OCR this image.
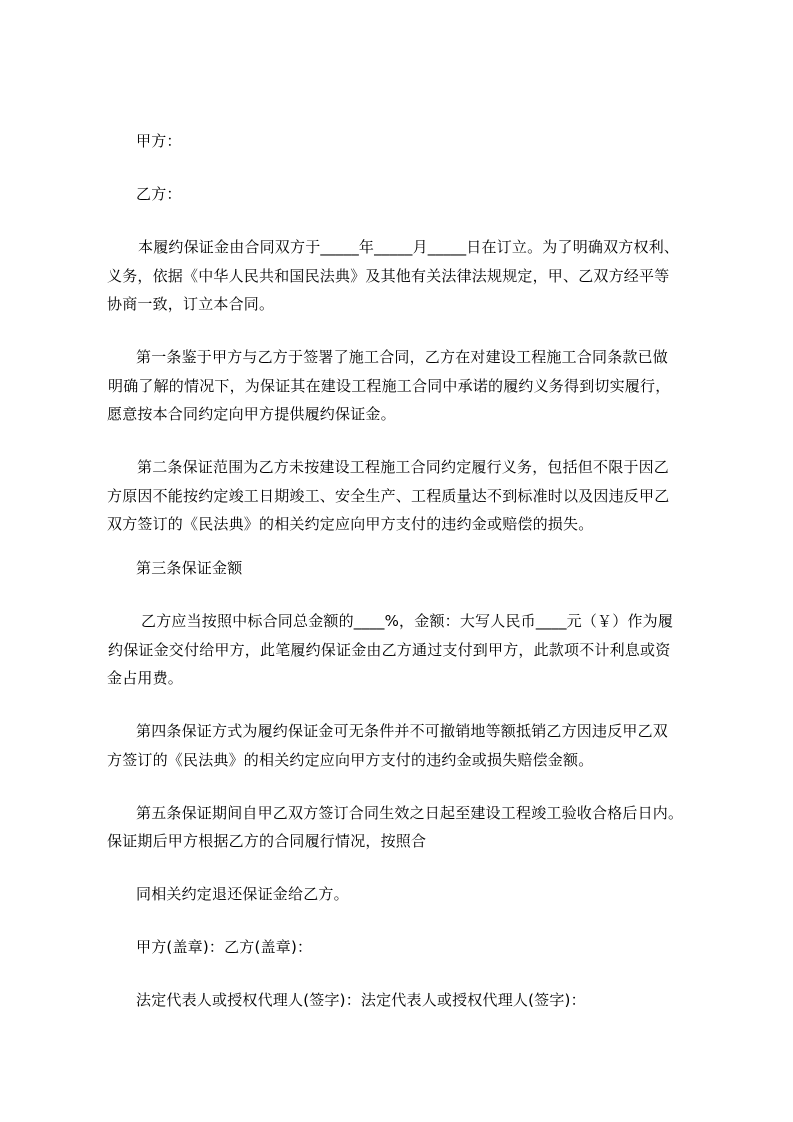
甲方：
乙方：
本履约保证金由合同双方于_____年_____月_____日在订立。为了明确双方权利、
义务，依据《中华人民共和国民法典》及其他有关法律法规规定，甲、乙双方经平等
协商一致，订立本合同。
第一条鉴于甲方与乙方于签署了施工合同，乙方在对建设工程施工合同条款已做
明确了解的情况下，为保证其在建设工程施工合同中承诺的履约义务得到切实履行，
愿意按本合同约定向甲方提供履约保证金。
第二条保证范围为乙方未按建设工程施工合同约定履行义务，包括但不限于因乙
方原因不能按约定竣工日期竣工、安全生产、工程质量达不到标准时以及因违反甲乙
双方签订的《民法典》的相关约定应向甲方支付的违约金或赔偿的损失。
第三条保证金额
乙方应当按照中标合同总金额的____%，金额：大写人民币____元（￥）作为履
约保证金交付给甲方，此笔履约保证金由乙方通过支付到甲方，此款项不计利息或资
金占用费。
第四条保证方式为履约保证金可无条件并不可撤销地等额抵销乙方因违反甲乙双
方签订的《民法典》的相关约定应向甲方支付的违约金或损失赔偿金额。
第五条保证期间自甲乙双方签订合同生效之日起至建设工程竣工验收合格后日内。
保证期后甲方根据乙方的合同履行情况，按照合
同相关约定退还保证金给乙方。
甲方(盖章)：乙方(盖章)：
法定代表人或授权代理人(签字)：法定代表人或授权代理人(签字)：
